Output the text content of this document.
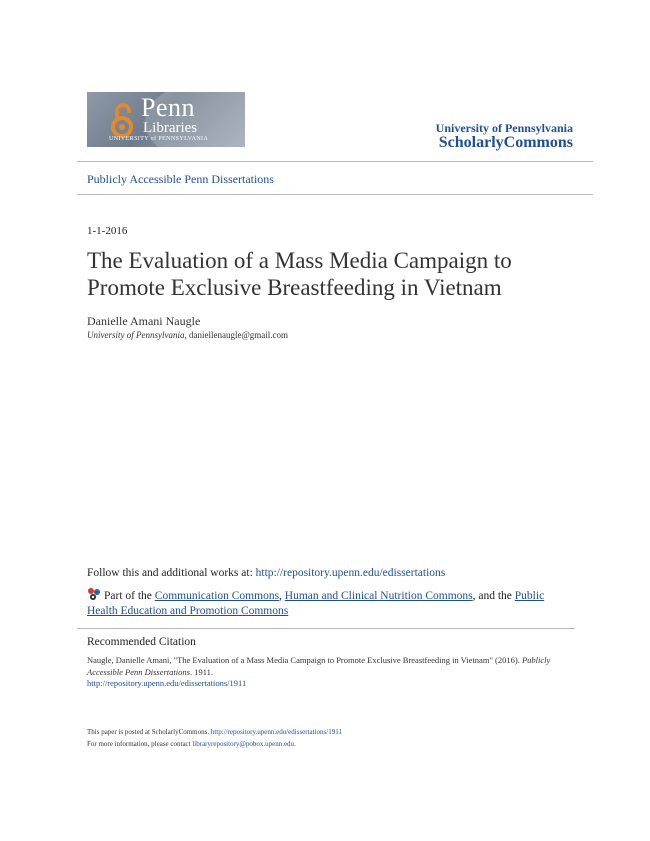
Penn
Libraries
UNIVERSITY of PENNSYLVANIA
University of Pennsylvania
ScholarlyCommons
Publicly Accessible Penn Dissertations
1-1-2016
The Evaluation of a Mass Media Campaign to Promote Exclusive Breastfeeding in Vietnam
Danielle Amani Naugle
University of Pennsylvania, daniellenaugle@gmail.com
Follow this and additional works at: http://repository.upenn.edu/edissertations
Part of the Communication Commons, Human and Clinical Nutrition Commons, and the Public Health Education and Promotion Commons
Recommended Citation
Naugle, Danielle Amani, "The Evaluation of a Mass Media Campaign to Promote Exclusive Breastfeeding in Vietnam" (2016). Publicly Accessible Penn Dissertations. 1911.
http://repository.upenn.edu/edissertations/1911
This paper is posted at ScholarlyCommons. http://repository.upenn.edu/edissertations/1911
For more information, please contact libraryrepository@pobox.upenn.edu.
